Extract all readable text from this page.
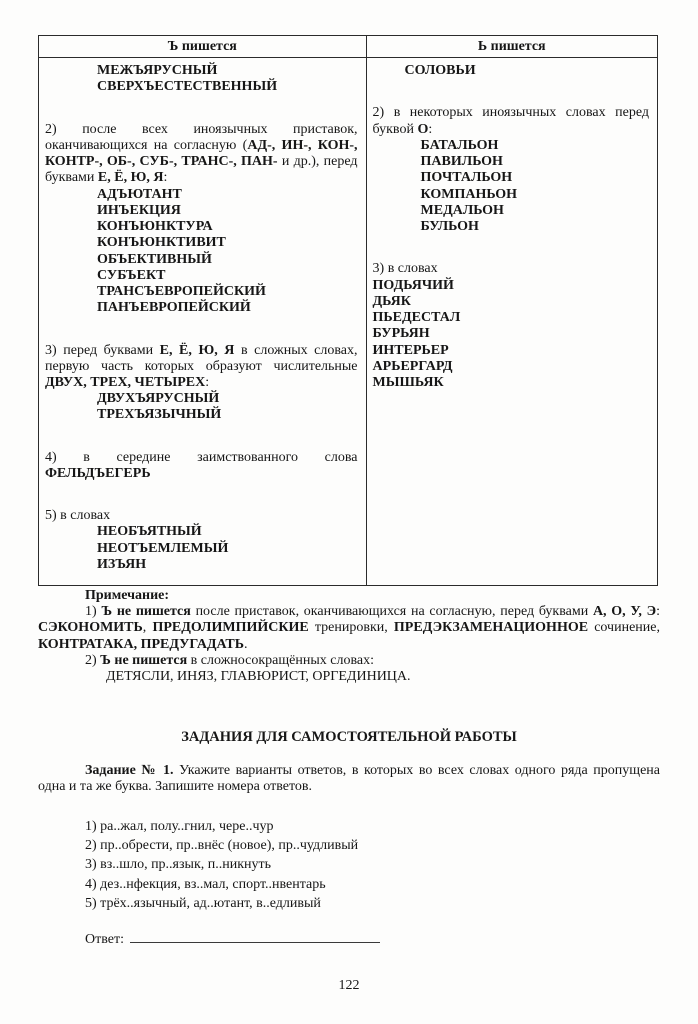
Ъ пишется	Ь пишется
МЕЖЪЯРУСНЫЙ
СВЕРХЪЕСТЕСТВЕННЫЙ

2) после всех иноязычных приставок, оканчивающихся на согласную (АД-, ИН-, КОН-, КОНТР-, ОБ-, СУБ-, ТРАНС-, ПАН- и др.), перед буквами Е, Ё, Ю, Я:

АДЪЮТАНТ
ИНЪЕКЦИЯ
КОНЪЮНКТУРА
КОНЪЮНКТИВИТ
ОБЪЕКТИВНЫЙ
СУБЪЕКТ
ТРАНСЪЕВРОПЕЙСКИЙ
ПАНЪЕВРОПЕЙСКИЙ

3) перед буквами Е, Ё, Ю, Я в сложных словах, первую часть которых образуют числительные ДВУХ, ТРЕХ, ЧЕТЫРЕХ:

ДВУХЪЯРУСНЫЙ
ТРЕХЪЯЗЫЧНЫЙ

4) в середине заимствованного слова ФЕЛЬДЪЕГЕРЬ

5) в словах

НЕОБЪЯТНЫЙ
НЕОТЪЕМЛЕМЫЙ
ИЗЪЯН
СОЛОВЬИ

2) в некоторых иноязычных словах перед буквой О:

БАТАЛЬОН
ПАВИЛЬОН
ПОЧТАЛЬОН
КОМПАНЬОН
МЕДАЛЬОН
БУЛЬОН

3) в словах

ПОДЬЯЧИЙ
ДЬЯК
ПЬЕДЕСТАЛ
БУРЬЯН
ИНТЕРЬЕР
АРЬЕРГАРД
МЫШЬЯК

Примечание:

1) Ъ не пишется после приставок, оканчивающихся на согласную, перед буквами А, О, У, Э: СЭКОНОМИТЬ, ПРЕДОЛИМПИЙСКИЕ тренировки, ПРЕДЭКЗАМЕНАЦИОННОЕ сочинение, КОНТРАТАКА, ПРЕДУГАДАТЬ.

2) Ъ не пишется в сложносокращённых словах:

ДЕТЯСЛИ, ИНЯЗ, ГЛАВЮРИСТ, ОРГЕДИНИЦА.

ЗАДАНИЯ ДЛЯ САМОСТОЯТЕЛЬНОЙ РАБОТЫ

Задание № 1. Укажите варианты ответов, в которых во всех словах одного ряда пропущена одна и та же буква. Запишите номера ответов.

1) ра..жал, полу..гнил, чере..чур
2) пр..обрести, пр..внёс (новое), пр..чудливый
3) вз..шло, пр..язык, п..никнуть
4) дез..нфекция, вз..мал, спорт..нвентарь
5) трёх..язычный, ад..ютант, в..едливый
Ответ:
122
